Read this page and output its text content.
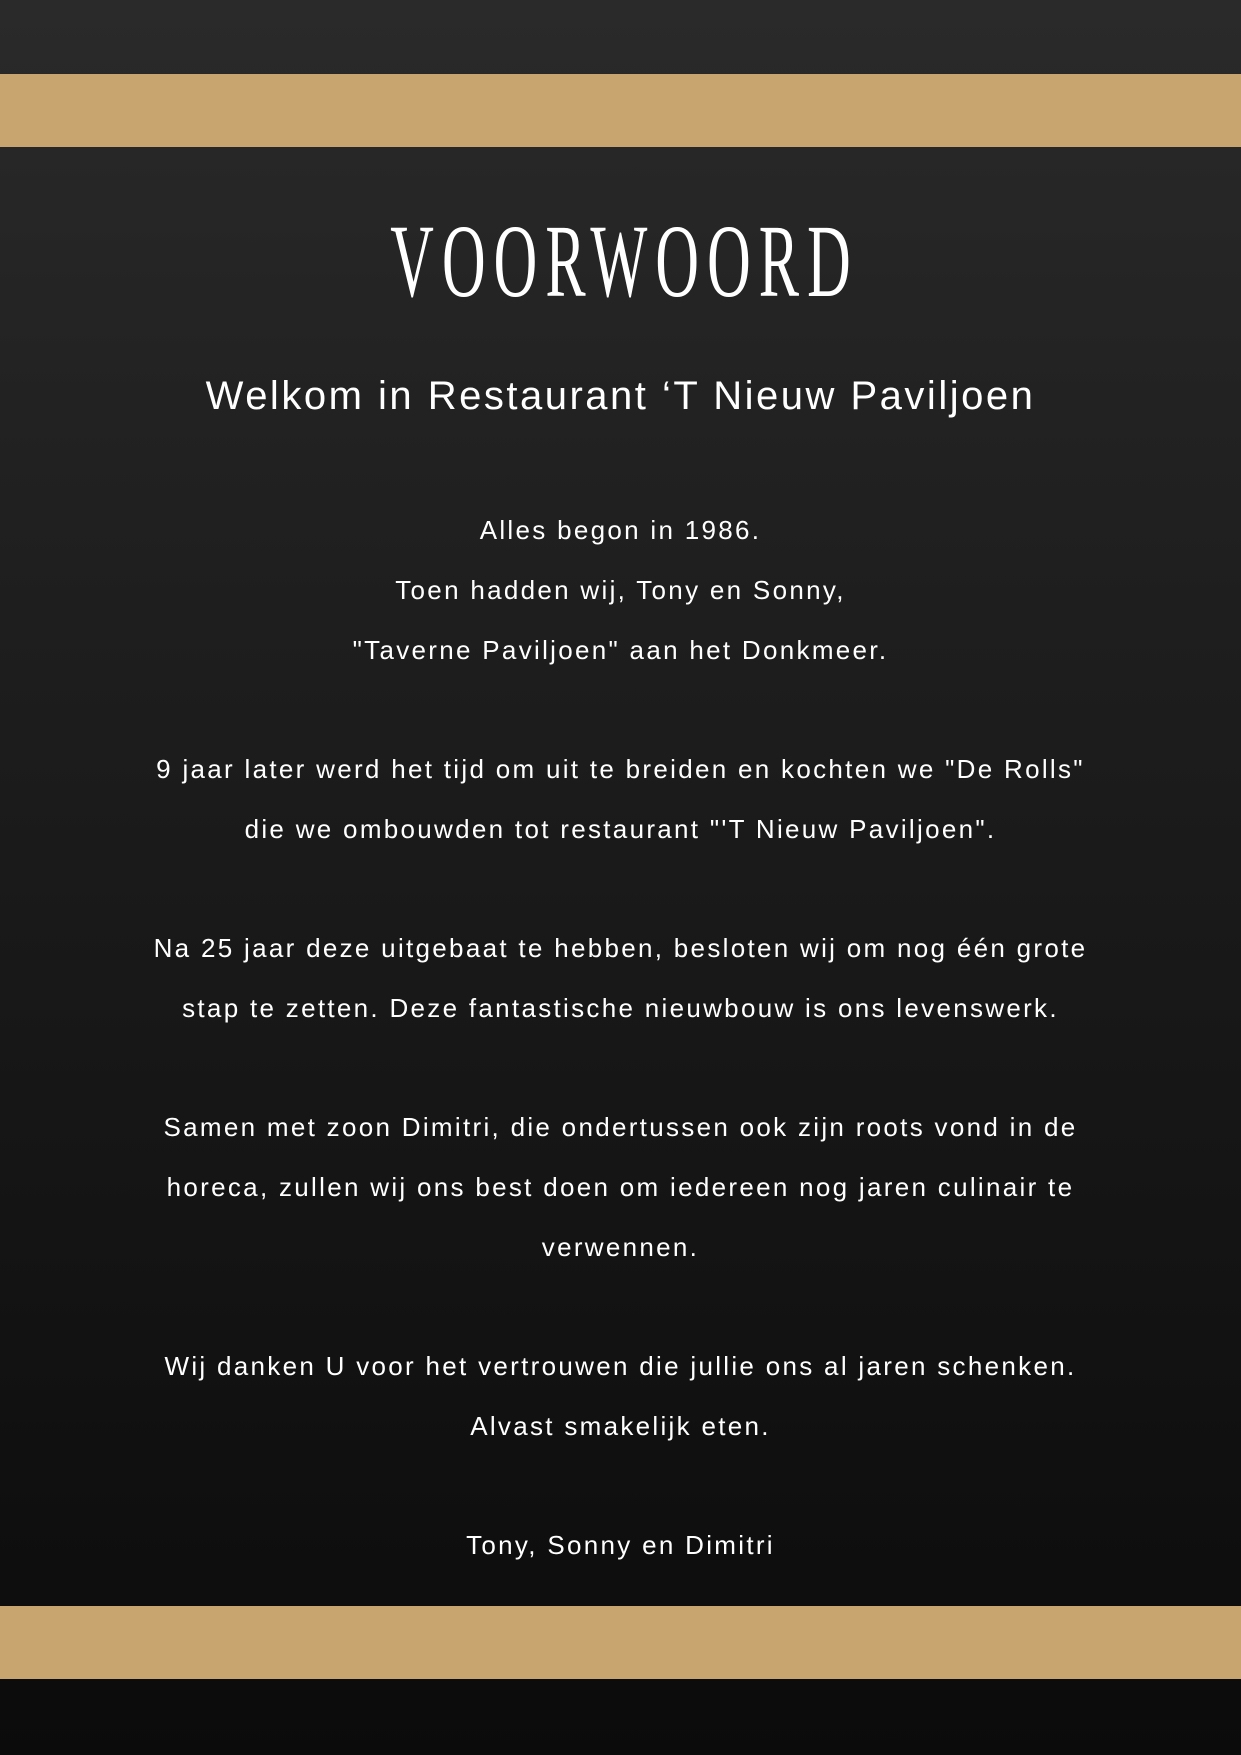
VOORWOORD
Welkom in Restaurant ‘T Nieuw Paviljoen
Alles begon in 1986.
Toen hadden wij, Tony en Sonny,
"Taverne Paviljoen" aan het Donkmeer.
9 jaar later werd het tijd om uit te breiden en kochten we "De Rolls"
die we ombouwden tot restaurant "'T Nieuw Paviljoen".
Na 25 jaar deze uitgebaat te hebben, besloten wij om nog één grote
stap te zetten. Deze fantastische nieuwbouw is ons levenswerk.
Samen met zoon Dimitri, die ondertussen ook zijn roots vond in de
horeca, zullen wij ons best doen om iedereen nog jaren culinair te
verwennen.
Wij danken U voor het vertrouwen die jullie ons al jaren schenken.
Alvast smakelijk eten.
Tony, Sonny en Dimitri
